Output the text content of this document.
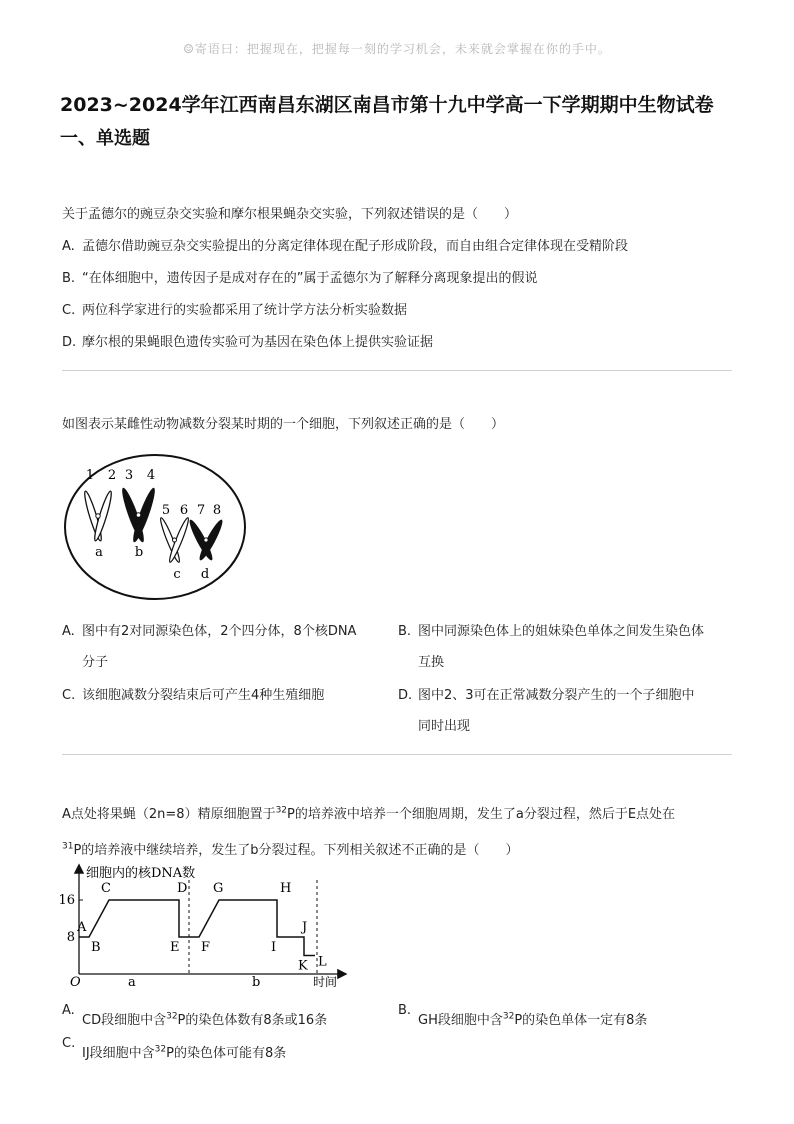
☺寄语曰：把握现在，把握每一刻的学习机会，未来就会掌握在你的手中。
2023~2024学年江西南昌东湖区南昌市第十九中学高一下学期期中生物试卷
一、单选题
关于孟德尔的豌豆杂交实验和摩尔根果蝇杂交实验，下列叙述错误的是（　　）
A. 孟德尔借助豌豆杂交实验提出的分离定律体现在配子形成阶段，而自由组合定律体现在受精阶段
B. “在体细胞中，遗传因子是成对存在的”属于孟德尔为了解释分离现象提出的假说
C. 两位科学家进行的实验都采用了统计学方法分析实验数据
D. 摩尔根的果蝇眼色遗传实验可为基因在染色体上提供实验证据
如图表示某雌性动物减数分裂某时期的一个细胞，下列叙述正确的是（　　）
1 2 3 4
5 6 7 8
a b
c d
A. 图中有2对同源染色体，2个四分体，8个核DNA
分子
B. 图中同源染色体上的姐妹染色单体之间发生染色体
互换
C. 该细胞减数分裂结束后可产生4种生殖细胞	D. 图中2、3可在正常减数分裂产生的一个子细胞中
同时出现
A点处将果蝇（2n=8）精原细胞置于$^{32}$P的培养液中培养一个细胞周期，发生了a分裂过程，然后于E点处在
$^{31}$P的培养液中继续培养，发生了b分裂过程。下列相关叙述不正确的是（　　）
细胞内的核DNA数
时间
O
16
8
A
B
C	D
E F
G	H
I
J
K L
a	b
A.CD段细胞中含$^{32}$P的染色体数有8条或16条
B.GH段细胞中含$^{32}$P的染色单体一定有8条
C.IJ段细胞中含$^{32}$P的染色体可能有8条
